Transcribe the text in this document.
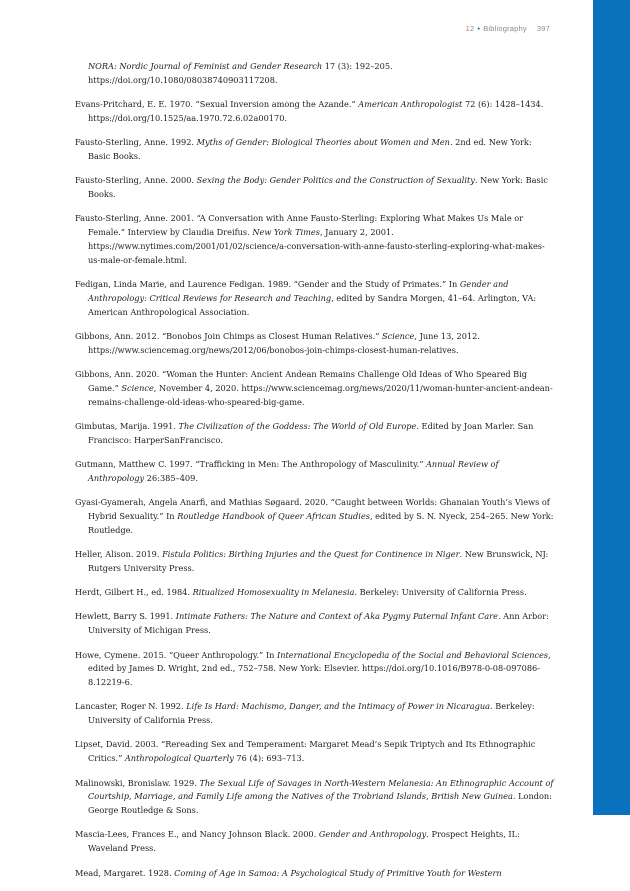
12 • Bibliography 397

NORA: Nordic Journal of Feminist and Gender Research 17 (3): 192–205. https://doi.org/10.1080/08038740903117208.

Evans-Pritchard, E. E. 1970. “Sexual Inversion among the Azande.” American Anthropologist 72 (6): 1428–1434. https://doi.org/10.1525/aa.1970.72.6.02a00170.

Fausto-Sterling, Anne. 1992. Myths of Gender: Biological Theories about Women and Men. 2nd ed. New York: Basic Books.

Fausto-Sterling, Anne. 2000. Sexing the Body: Gender Politics and the Construction of Sexuality. New York: Basic Books.

Fausto-Sterling, Anne. 2001. “A Conversation with Anne Fausto-Sterling: Exploring What Makes Us Male or Female.” Interview by Claudia Dreifus. New York Times, January 2, 2001. https://www.nytimes.com/2001/01/02/science/a-conversation-with-anne-fausto-sterling-exploring-what-makes-us-male-or-female.html.

Fedigan, Linda Marie, and Laurence Fedigan. 1989. “Gender and the Study of Primates.” In Gender and Anthropology: Critical Reviews for Research and Teaching, edited by Sandra Morgen, 41–64. Arlington, VA: American Anthropological Association.

Gibbons, Ann. 2012. “Bonobos Join Chimps as Closest Human Relatives.” Science, June 13, 2012. https://www.sciencemag.org/news/2012/06/bonobos-join-chimps-closest-human-relatives.

Gibbons, Ann. 2020. “Woman the Hunter: Ancient Andean Remains Challenge Old Ideas of Who Speared Big Game.” Science, November 4, 2020. https://www.sciencemag.org/news/2020/11/woman-hunter-ancient-andean-remains-challenge-old-ideas-who-speared-big-game.

Gimbutas, Marija. 1991. The Civilization of the Goddess: The World of Old Europe. Edited by Joan Marler. San Francisco: HarperSanFrancisco.

Gutmann, Matthew C. 1997. “Trafficking in Men: The Anthropology of Masculinity.” Annual Review of Anthropology 26:385–409.

Gyasi-Gyamerah, Angela Anarfi, and Mathias Søgaard. 2020. “Caught between Worlds: Ghanaian Youth’s Views of Hybrid Sexuality.” In Routledge Handbook of Queer African Studies, edited by S. N. Nyeck, 254–265. New York: Routledge.

Heller, Alison. 2019. Fistula Politics: Birthing Injuries and the Quest for Continence in Niger. New Brunswick, NJ: Rutgers University Press.

Herdt, Gilbert H., ed. 1984. Ritualized Homosexuality in Melanesia. Berkeley: University of California Press.

Hewlett, Barry S. 1991. Intimate Fathers: The Nature and Context of Aka Pygmy Paternal Infant Care. Ann Arbor: University of Michigan Press.

Howe, Cymene. 2015. “Queer Anthropology.” In International Encyclopedia of the Social and Behavioral Sciences, edited by James D. Wright, 2nd ed., 752–758. New York: Elsevier. https://doi.org/10.1016/B978-0-08-097086-8.12219-6.

Lancaster, Roger N. 1992. Life Is Hard: Machismo, Danger, and the Intimacy of Power in Nicaragua. Berkeley: University of California Press.

Lipset, David. 2003. “Rereading Sex and Temperament: Margaret Mead’s Sepik Triptych and Its Ethnographic Critics.” Anthropological Quarterly 76 (4): 693–713.

Malinowski, Bronislaw. 1929. The Sexual Life of Savages in North-Western Melanesia: An Ethnographic Account of Courtship, Marriage, and Family Life among the Natives of the Trobriand Islands, British New Guinea. London: George Routledge & Sons.

Mascia-Lees, Frances E., and Nancy Johnson Black. 2000. Gender and Anthropology. Prospect Heights, IL: Waveland Press.

Mead, Margaret. 1928. Coming of Age in Samoa: A Psychological Study of Primitive Youth for Western
